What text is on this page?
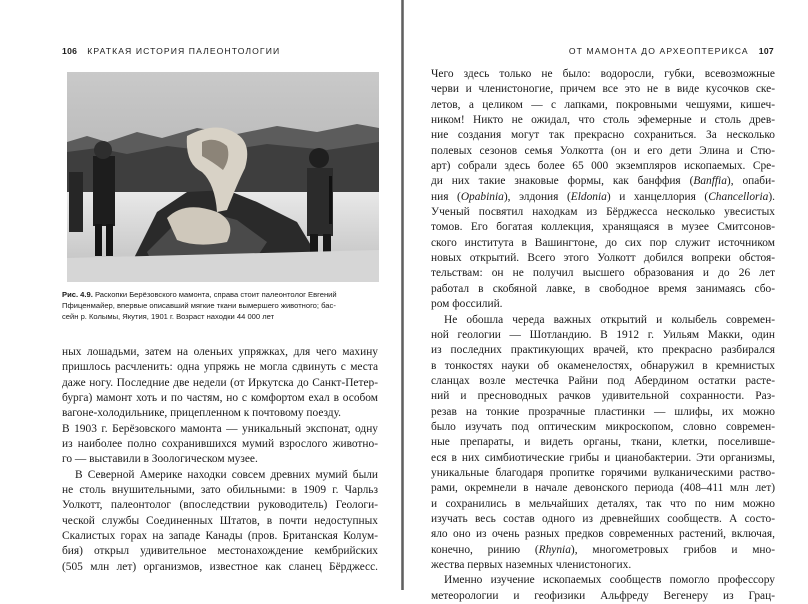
106 КРАТКАЯ ИСТОРИЯ ПАЛЕОНТОЛОГИИ
Рис. 4.9. Раскопки Берёзовского мамонта, справа стоит палеонтолог Евгений
Пфиценмайер, впервые описавший мягкие ткани вымершего животного; бас-
сейн р. Колымы, Якутия, 1901 г. Возраст находки 44 000 лет
ных лошадьми, затем на оленьих упряжках, для чего махину
пришлось расчленить: одна упряжь не могла сдвинуть с места
даже ногу. Последние две недели (от Иркутска до Санкт-Петер-
бурга) мамонт хоть и по частям, но с комфортом ехал в особом
вагоне-холодильнике, прицепленном к почтовому поезду.
В 1903 г. Берёзовского мамонта — уникальный экспонат, одну
из наиболее полно сохранившихся мумий взрослого животно-
го — выставили в Зоологическом музее.
В Северной Америке находки совсем древних мумий были
не столь внушительными, зато обильными: в 1909 г. Чарльз
Уолкотт, палеонтолог (впоследствии руководитель) Геологи-
ческой службы Соединенных Штатов, в почти недоступных
Скалистых горах на западе Канады (пров. Британская Колум-
бия) открыл удивительное местонахождение кембрийских
(505 млн лет) организмов, известное как сланец Бёрджесс.
ОТ МАМОНТА ДО АРХЕОПТЕРИКСА 107
Чего здесь только не было: водоросли, губки, всевозможные
черви и членистоногие, причем все это не в виде кусочков ске-
летов, а целиком — с лапками, покровными чешуями, кишеч-
ником! Никто не ожидал, что столь эфемерные и столь древ-
ние создания могут так прекрасно сохраниться. За несколько
полевых сезонов семья Уолкотта (он и его дети Элина и Стю-
арт) собрали здесь более 65 000 экземпляров ископаемых. Сре-
ди них такие знаковые формы, как банффия (Banffia), опаби-
ния (Opabinia), элдония (Eldonia) и ханцеллория (Chancelloria).
Ученый посвятил находкам из Бёрджесса несколько увесистых
томов. Его богатая коллекция, хранящаяся в музее Смитсонов-
ского института в Вашингтоне, до сих пор служит источником
новых открытий. Всего этого Уолкотт добился вопреки обстоя-
тельствам: он не получил высшего образования и до 26 лет
работал в скобяной лавке, в свободное время занимаясь сбо-
ром фоссилий.
Не обошла череда важных открытий и колыбель современ-
ной геологии — Шотландию. В 1912 г. Уильям Макки, один
из последних практикующих врачей, кто прекрасно разбирался
в тонкостях науки об окаменелостях, обнаружил в кремнистых
сланцах возле местечка Райни под Абердином остатки расте-
ний и пресноводных рачков удивительной сохранности. Раз-
резав на тонкие прозрачные пластинки — шлифы, их можно
было изучать под оптическим микроскопом, словно современ-
ные препараты, и видеть органы, ткани, клетки, поселивше-
еся в них симбиотические грибы и цианобактерии. Эти организмы,
уникальные благодаря пропитке горячими вулканическими раство-
рами, окремнели в начале девонского периода (408–411 млн лет)
и сохранились в мельчайших деталях, так что по ним можно
изучать весь состав одного из древнейших сообществ. А состо-
яло оно из очень разных предков современных растений, включая,
конечно, ринию (Rhynia), многометровых грибов и мно-
жества первых наземных членистоногих.
Именно изучение ископаемых сообществ помогло профессору
метеорологии и геофизики Альфреду Вегенеру из Грац-
